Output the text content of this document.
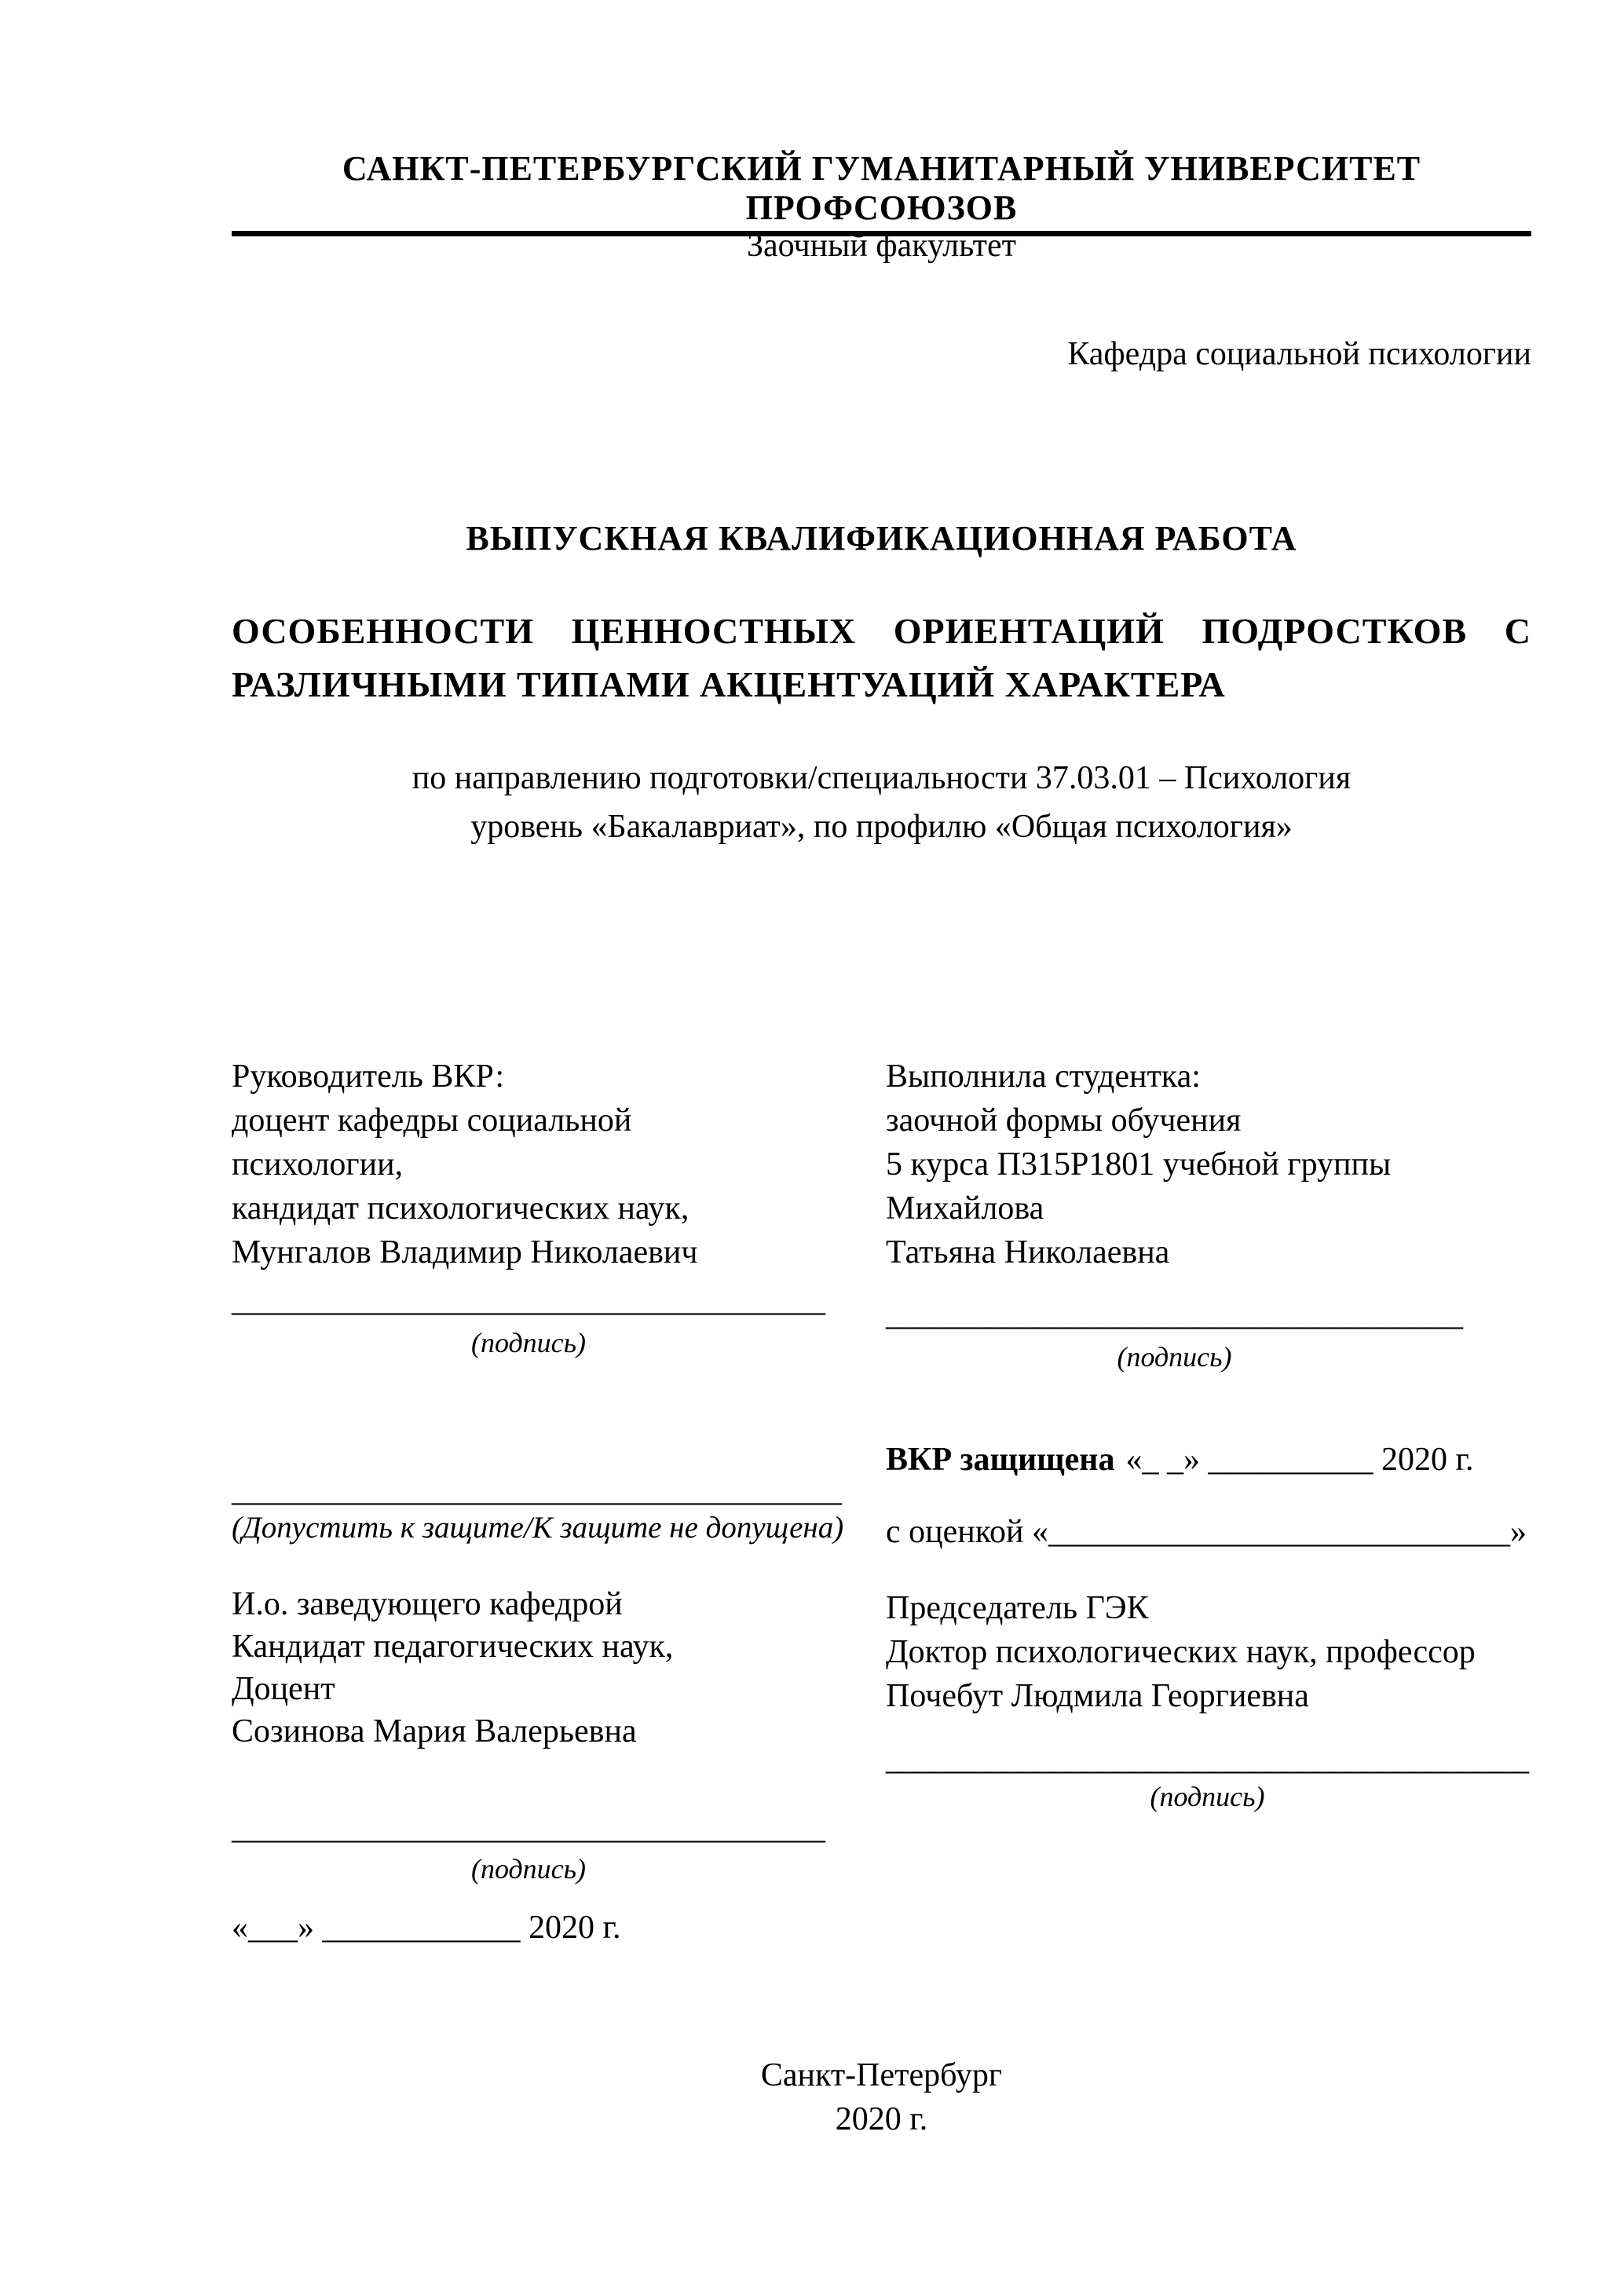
САНКТ-ПЕТЕРБУРГСКИЙ ГУМАНИТАРНЫЙ УНИВЕРСИТЕТ ПРОФСОЮЗОВ
Заочный факультет
Кафедра социальной психологии
ВЫПУСКНАЯ КВАЛИФИКАЦИОННАЯ РАБОТА
ОСОБЕННОСТИ ЦЕННОСТНЫХ ОРИЕНТАЦИЙ ПОДРОСТКОВ С
РАЗЛИЧНЫМИ ТИПАМИ АКЦЕНТУАЦИЙ ХАРАКТЕРА
по направлению подготовки/специальности 37.03.01 – Психология
уровень «Бакалавриат», по профилю «Общая психология»
Руководитель ВКР:
доцент кафедры социальной
психологии,
кандидат психологических наук,
Мунгалов Владимир Николаевич
____________________________________
(подпись)
Выполнила студентка:
заочной формы обучения
5 курса П315Р1801 учебной группы
Михайлова
Татьяна Николаевна
___________________________________
(подпись)
ВКР защищена «_ _» __________ 2020 г.
_____________________________________
(Допустить к защите/К защите не допущена) с оценкой «____________________________»
И.о. заведующего кафедрой
Кандидат педагогических наук,
Доцент
Созинова Мария Валерьевна
Председатель ГЭК
Доктор психологических наук, профессор
Почебут Людмила Георгиевна
_______________________________________
(подпись)
____________________________________
(подпись)
«___» ____________ 2020 г.
Санкт-Петербург
2020 г.
